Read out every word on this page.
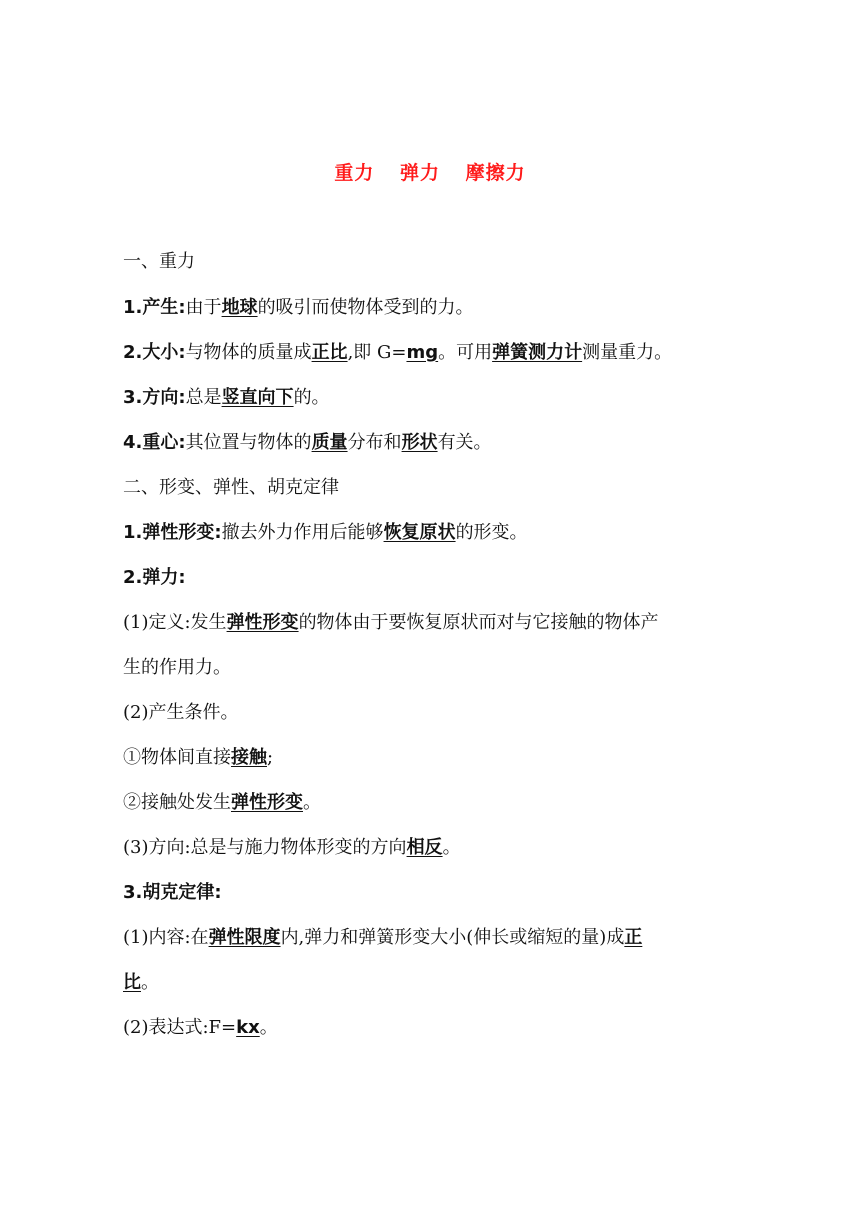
重力 弹力 摩擦力
一、重力
1.产生:由于地球的吸引而使物体受到的力。
2.大小:与物体的质量成正比,即 G=mg。可用弹簧测力计测量重力。
3.方向:总是竖直向下的。
4.重心:其位置与物体的质量分布和形状有关。
二、形变、弹性、胡克定律
1.弹性形变:撤去外力作用后能够恢复原状的形变。
2.弹力:
(1)定义:发生弹性形变的物体由于要恢复原状而对与它接触的物体产
生的作用力。
(2)产生条件。
①物体间直接接触;
②接触处发生弹性形变。
(3)方向:总是与施力物体形变的方向相反。
3.胡克定律:
(1)内容:在弹性限度内,弹力和弹簧形变大小(伸长或缩短的量)成正
比。
(2)表达式:F=kx。
